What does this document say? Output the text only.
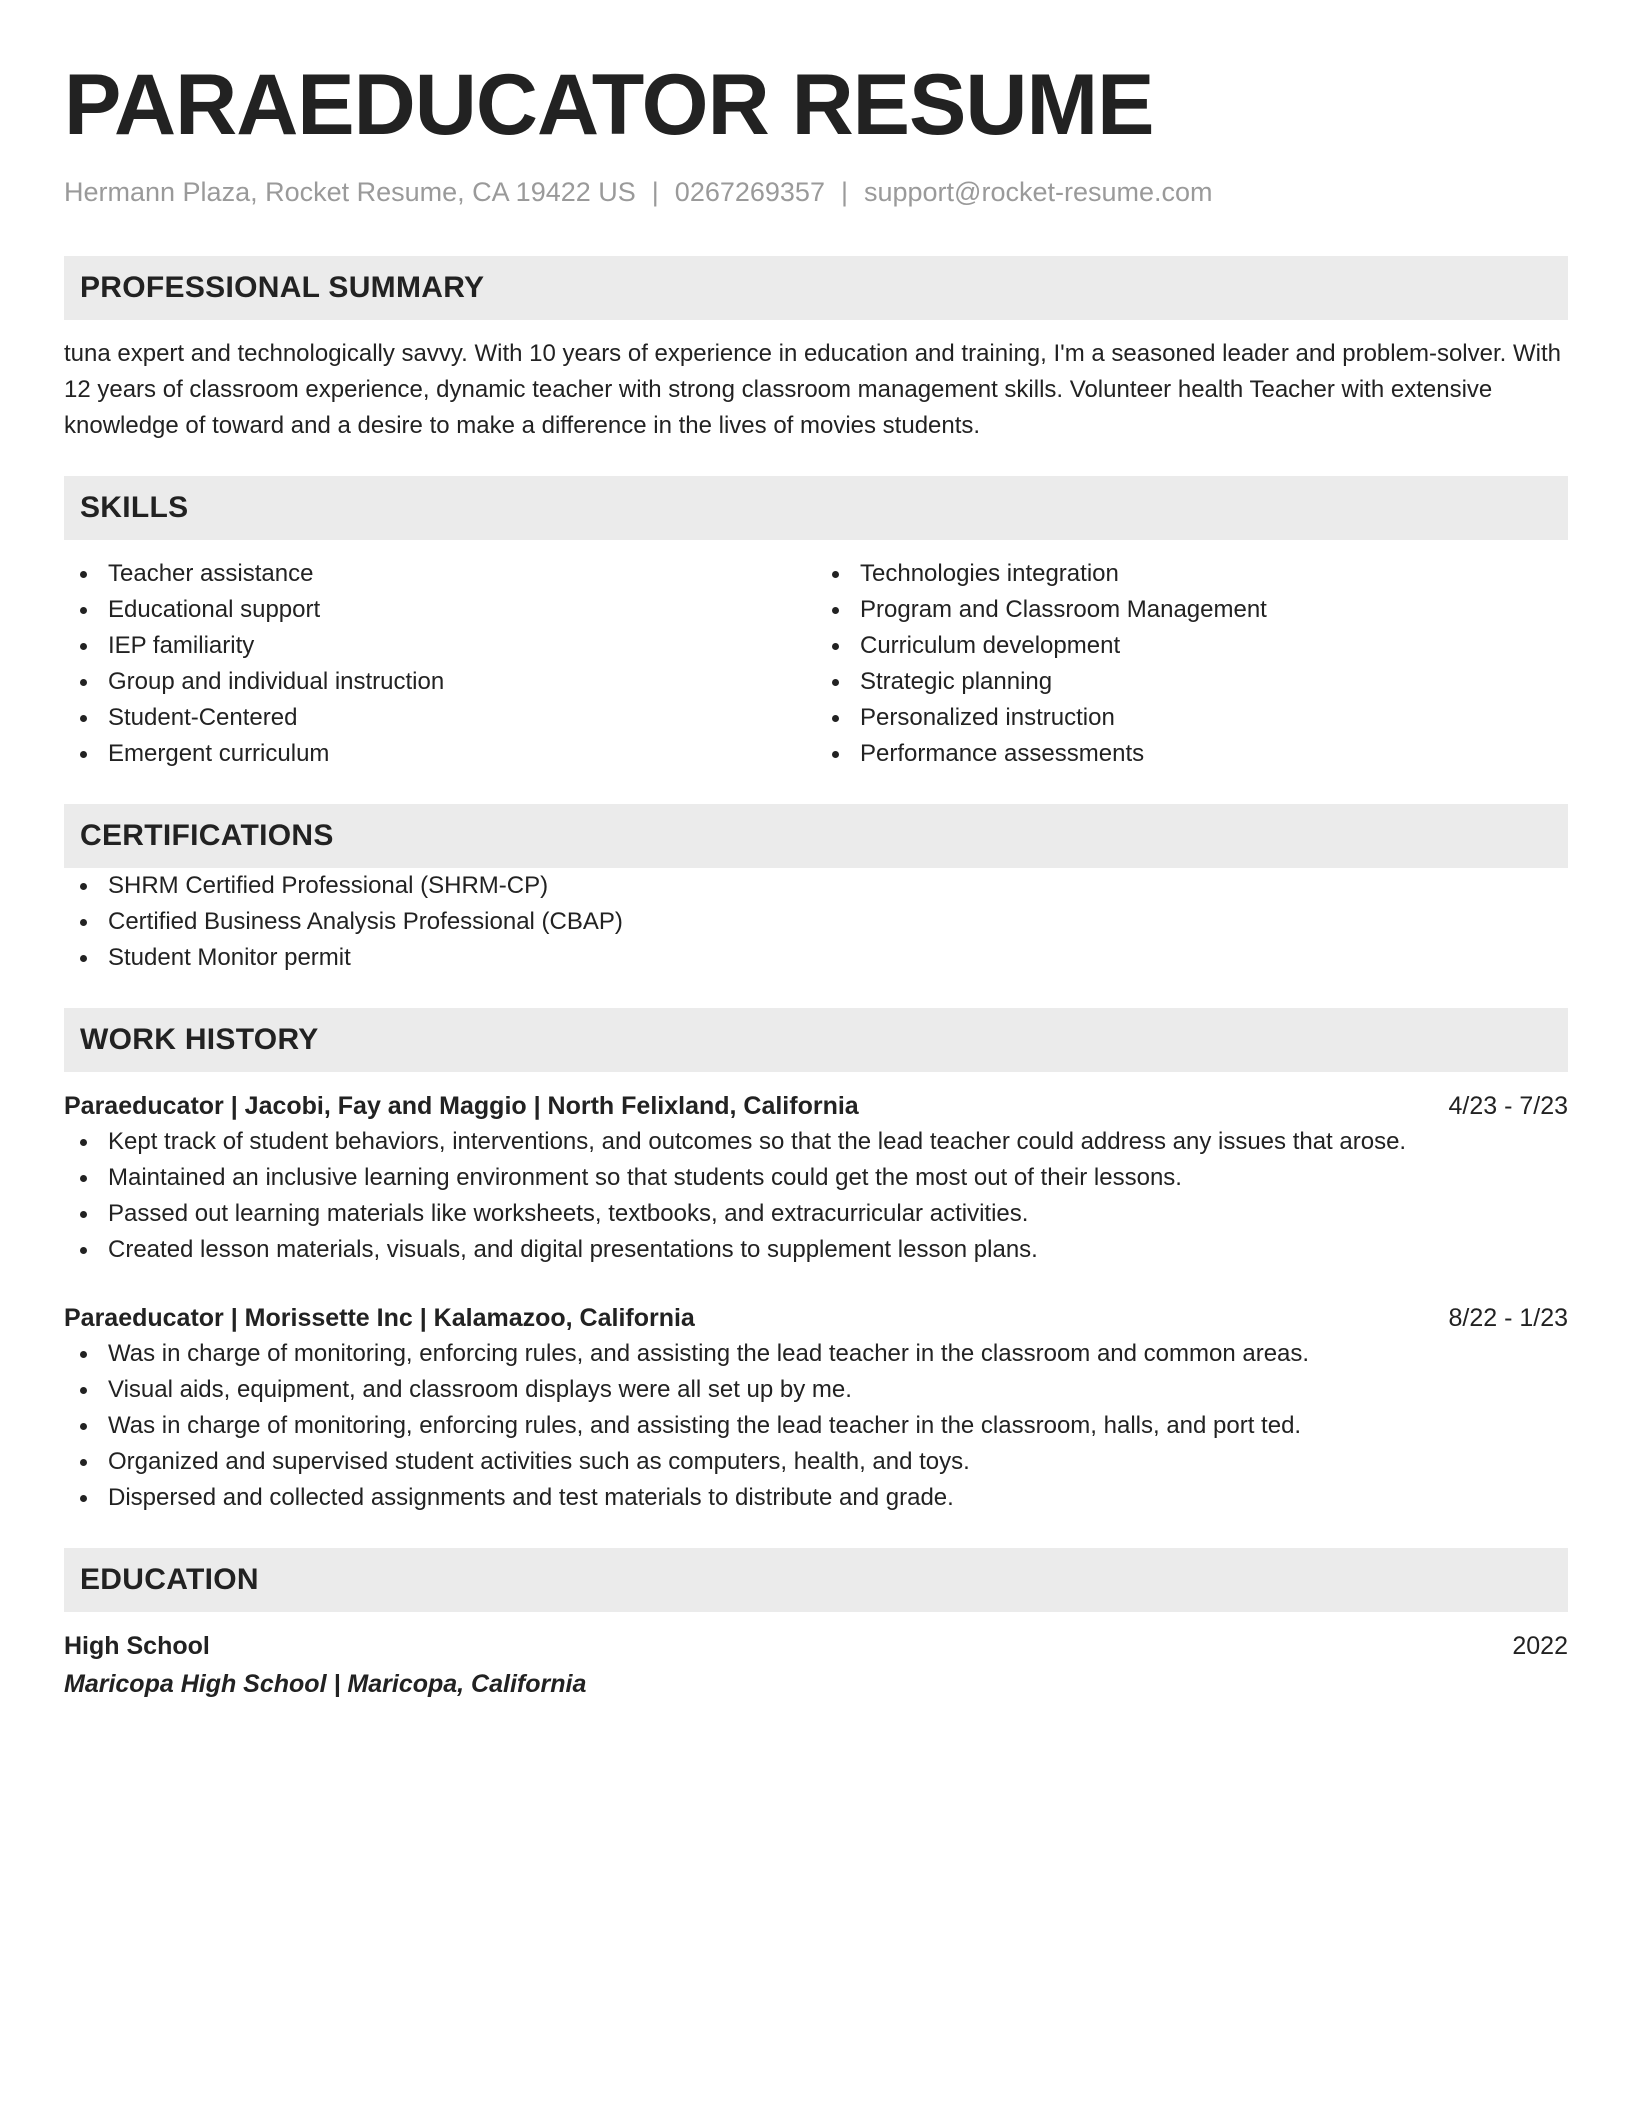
PARAEDUCATOR RESUME
Hermann Plaza, Rocket Resume, CA 19422 US | 0267269357 | support@rocket-resume.com
PROFESSIONAL SUMMARY
tuna expert and technologically savvy. With 10 years of experience in education and training, I'm a seasoned leader and problem-solver. With 12 years of classroom experience, dynamic teacher with strong classroom management skills. Volunteer health Teacher with extensive knowledge of toward and a desire to make a difference in the lives of movies students.
SKILLS
Teacher assistance
Educational support
IEP familiarity
Group and individual instruction
Student-Centered
Emergent curriculum
Technologies integration
Program and Classroom Management
Curriculum development
Strategic planning
Personalized instruction
Performance assessments
CERTIFICATIONS
SHRM Certified Professional (SHRM-CP)
Certified Business Analysis Professional (CBAP)
Student Monitor permit
WORK HISTORY
Paraeducator | Jacobi, Fay and Maggio | North Felixland, California	4/23 - 7/23
Kept track of student behaviors, interventions, and outcomes so that the lead teacher could address any issues that arose.
Maintained an inclusive learning environment so that students could get the most out of their lessons.
Passed out learning materials like worksheets, textbooks, and extracurricular activities.
Created lesson materials, visuals, and digital presentations to supplement lesson plans.
Paraeducator | Morissette Inc | Kalamazoo, California	8/22 - 1/23
Was in charge of monitoring, enforcing rules, and assisting the lead teacher in the classroom and common areas.
Visual aids, equipment, and classroom displays were all set up by me.
Was in charge of monitoring, enforcing rules, and assisting the lead teacher in the classroom, halls, and port ted.
Organized and supervised student activities such as computers, health, and toys.
Dispersed and collected assignments and test materials to distribute and grade.
EDUCATION
High School	2022
Maricopa High School | Maricopa, California
